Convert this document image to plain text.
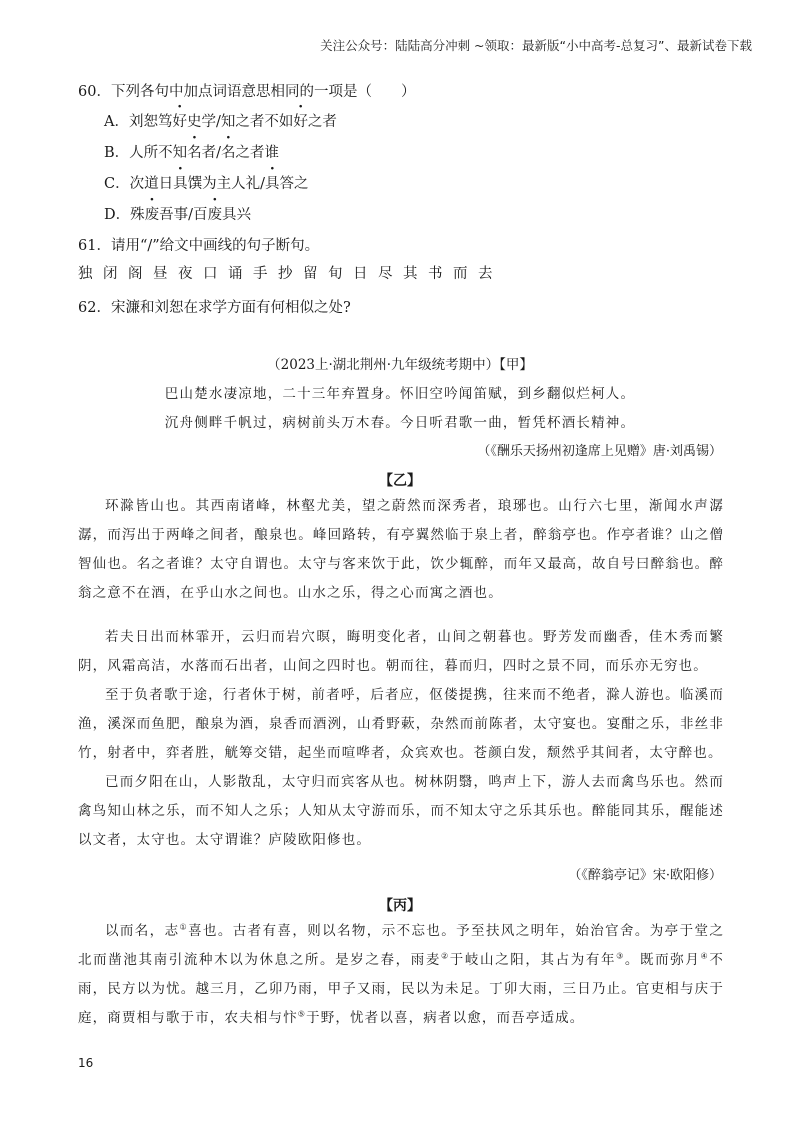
关注公众号：陆陆高分冲刺 ~领取：最新版“小中高考-总复习”、最新试卷下载
60．下列各句中加点词语意思相同的一项是（　　）
A．刘恕笃好史学/知之者不如好之者
B．人所不知名者/名之者谁
C．次道日具馔为主人礼/具答之
D．殊废吾事/百废具兴
61．请用“/”给文中画线的句子断句。
独闭阁昼夜口诵手抄留旬日尽其书而去
62．宋濂和刘恕在求学方面有何相似之处?
（2023上·湖北荆州·九年级统考期中）【甲】
巴山楚水凄凉地，二十三年弃置身。怀旧空吟闻笛赋，到乡翻似烂柯人。
沉舟侧畔千帆过，病树前头万木春。今日听君歌一曲，暂凭杯酒长精神。
（《酬乐天扬州初逢席上见赠》唐·刘禹锡）
【乙】
环滁皆山也。其西南诸峰，林壑尤美，望之蔚然而深秀者，琅琊也。山行六七里，渐闻水声潺潺，而泻出于两峰之间者，酿泉也。峰回路转，有亭翼然临于泉上者，醉翁亭也。作亭者谁？山之僧智仙也。名之者谁？太守自谓也。太守与客来饮于此，饮少辄醉，而年又最高，故自号曰醉翁也。醉翁之意不在酒，在乎山水之间也。山水之乐，得之心而寓之酒也。
若夫日出而林霏开，云归而岩穴暝，晦明变化者，山间之朝暮也。野芳发而幽香，佳木秀而繁阴，风霜高洁，水落而石出者，山间之四时也。朝而往，暮而归，四时之景不同，而乐亦无穷也。
至于负者歌于途，行者休于树，前者呼，后者应，伛偻提携，往来而不绝者，滁人游也。临溪而渔，溪深而鱼肥，酿泉为酒，泉香而酒洌，山肴野蔌，杂然而前陈者，太守宴也。宴酣之乐，非丝非竹，射者中，弈者胜，觥筹交错，起坐而喧哗者，众宾欢也。苍颜白发，颓然乎其间者，太守醉也。
已而夕阳在山，人影散乱，太守归而宾客从也。树林阴翳，鸣声上下，游人去而禽鸟乐也。然而禽鸟知山林之乐，而不知人之乐；人知从太守游而乐，而不知太守之乐其乐也。醉能同其乐，醒能述以文者，太守也。太守谓谁？庐陵欧阳修也。
（《醉翁亭记》宋·欧阳修）
【丙】
以而名，志①喜也。古者有喜，则以名物，示不忘也。予至扶风之明年，始治官舍。为亭于堂之北而凿池其南引流种木以为休息之所。是岁之春，雨麦②于岐山之阳，其占为有年③。既而弥月④不雨，民方以为忧。越三月，乙卯乃雨，甲子又雨，民以为未足。丁卯大雨，三日乃止。官吏相与庆于庭，商贾相与歌于市，农夫相与忭⑤于野，忧者以喜，病者以愈，而吾亭适成。
16
